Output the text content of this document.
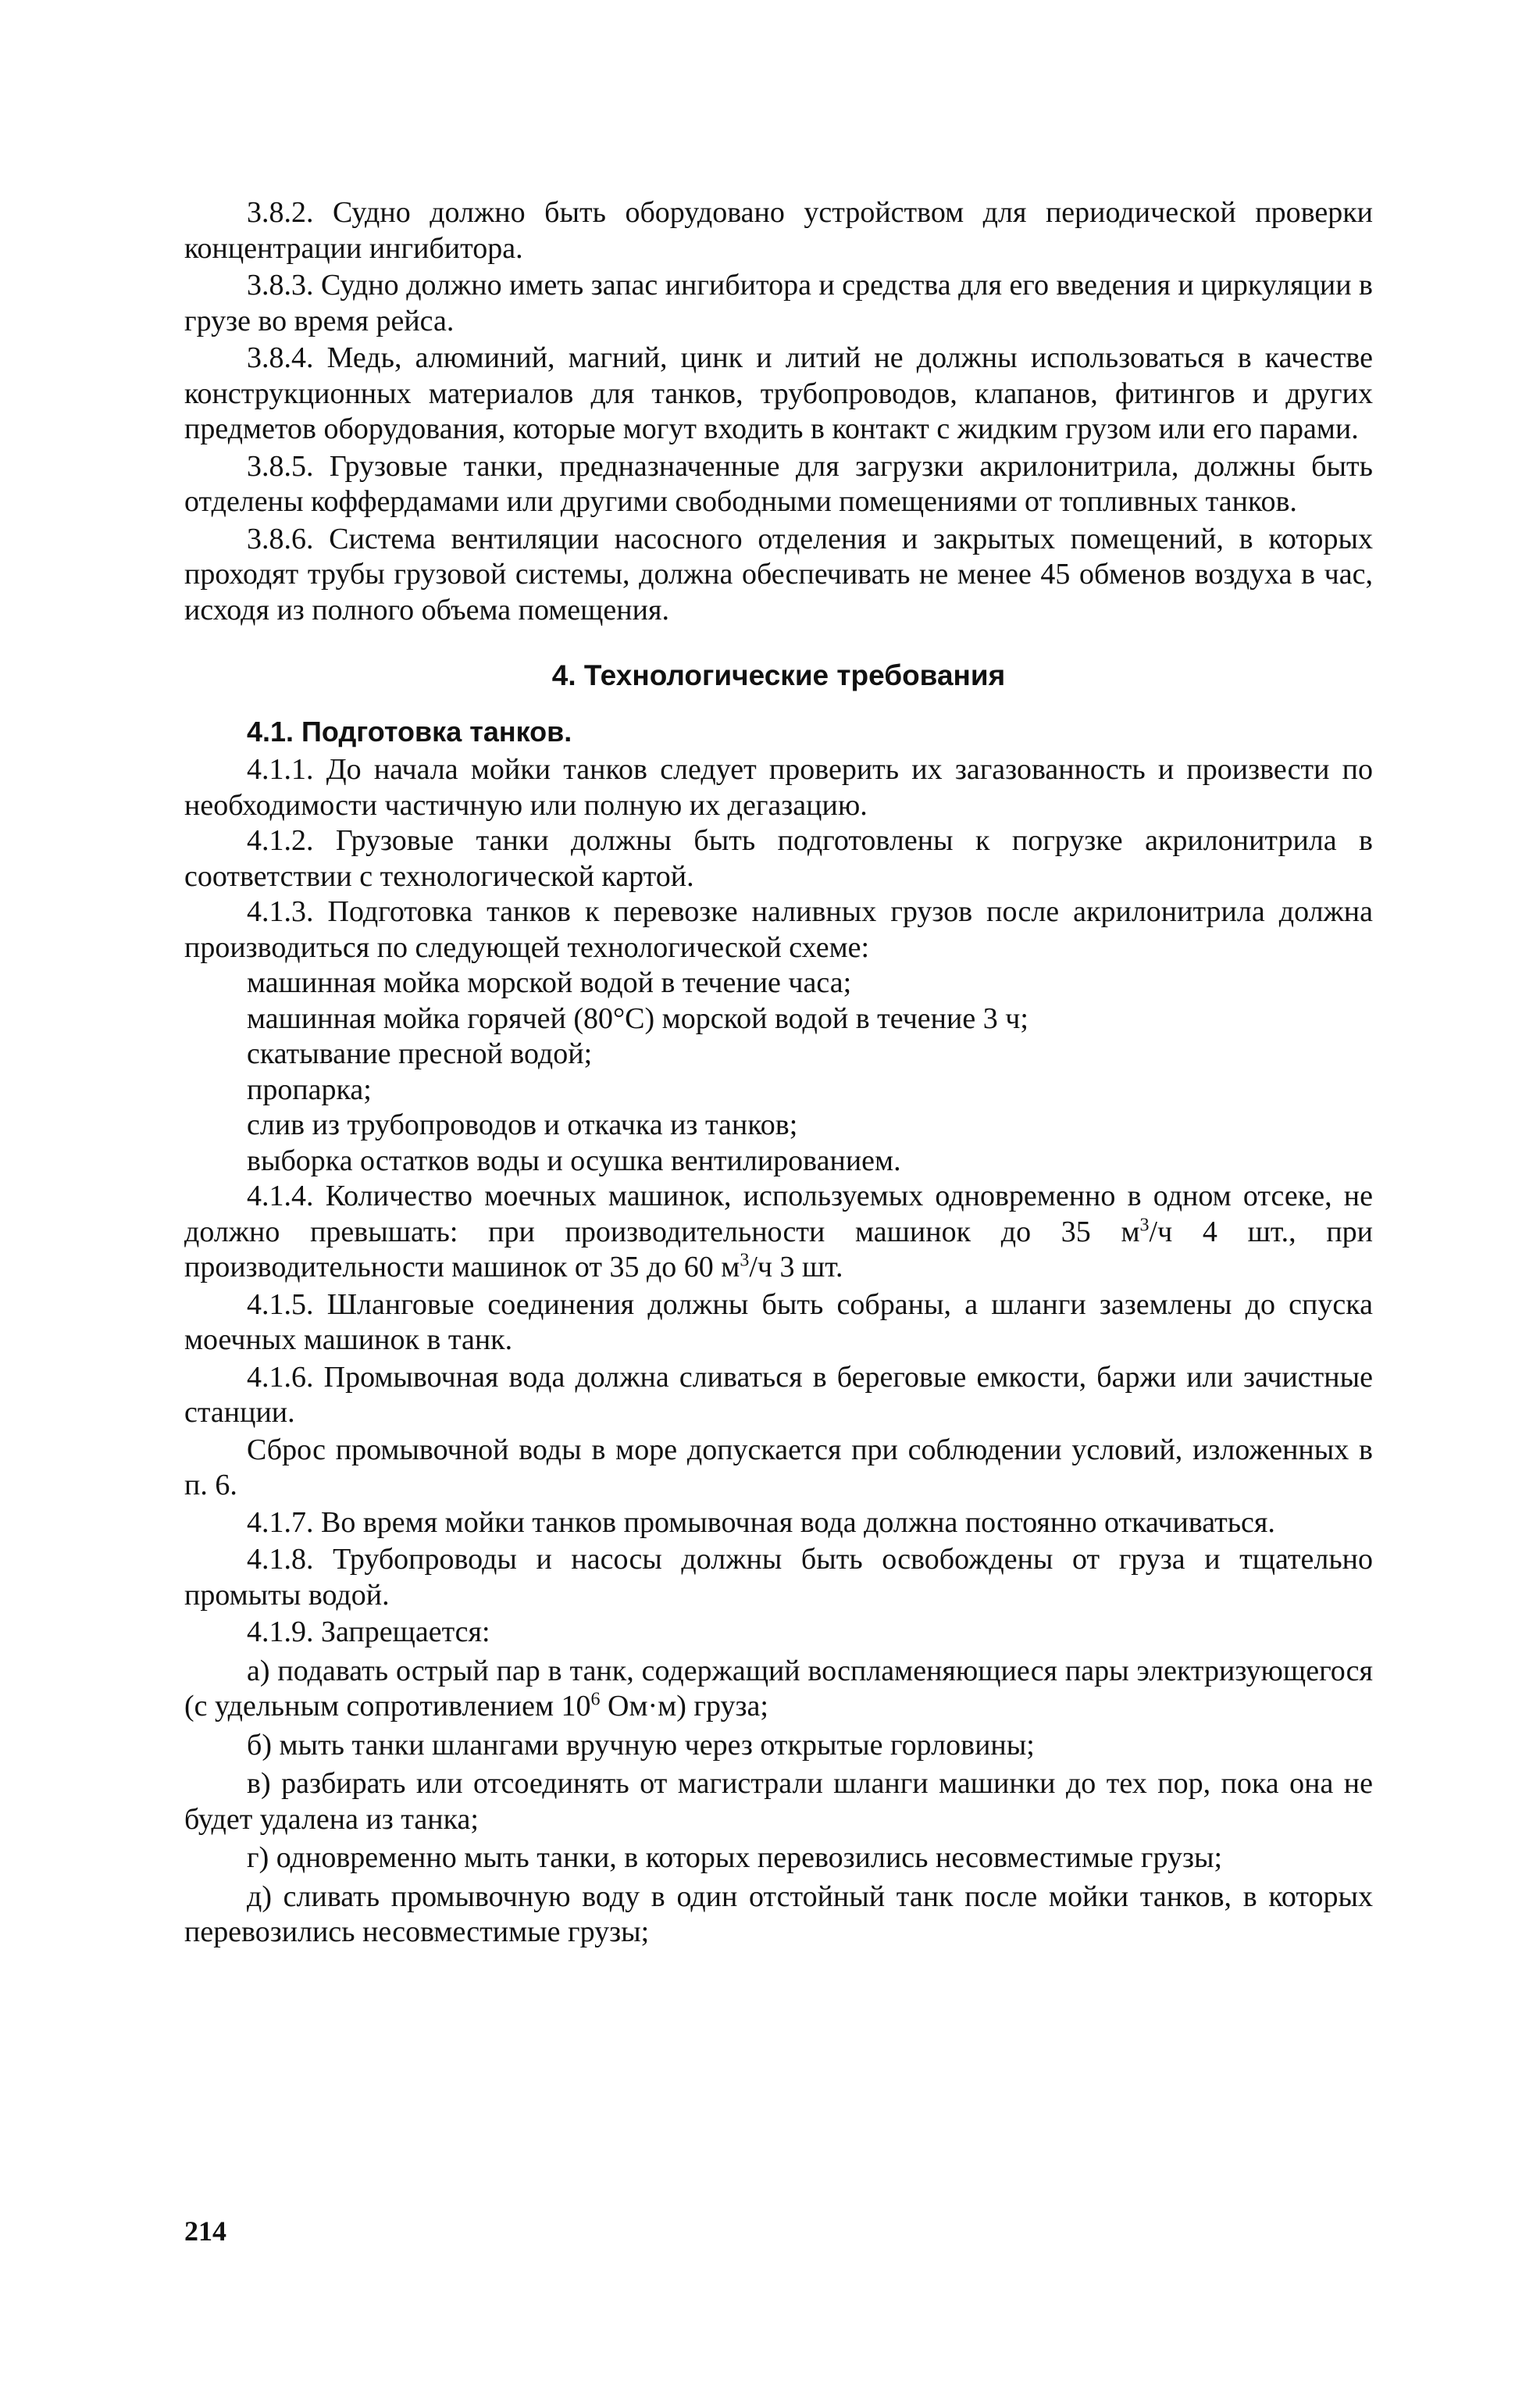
3.8.2. Судно должно быть оборудовано устройством для периодической проверки концентрации ингибитора.

3.8.3. Судно должно иметь запас ингибитора и средства для его введения и циркуляции в грузе во время рейса.

3.8.4. Медь, алюминий, магний, цинк и литий не должны использоваться в качестве конструкционных материалов для танков, трубопроводов, клапанов, фитингов и других предметов оборудования, которые могут входить в контакт с жидким грузом или его парами.

3.8.5. Грузовые танки, предназначенные для загрузки акрилонитрила, должны быть отделены коффердамами или другими свободными помещениями от топливных танков.

3.8.6. Система вентиляции насосного отделения и закрытых помещений, в которых проходят трубы грузовой системы, должна обеспечивать не менее 45 обменов воздуха в час, исходя из полного объема помещения.

4. Технологические требования
4.1. Подготовка танков.

4.1.1. До начала мойки танков следует проверить их загазованность и произвести по необходимости частичную или полную их дегазацию.

4.1.2. Грузовые танки должны быть подготовлены к погрузке акрилонитрила в соответствии с технологической картой.

4.1.3. Подготовка танков к перевозке наливных грузов после акрилонитрила должна производиться по следующей технологической схеме:

машинная мойка морской водой в течение часа;

машинная мойка горячей (80°C) морской водой в течение 3 ч;

скатывание пресной водой;

пропарка;

слив из трубопроводов и откачка из танков;

выборка остатков воды и осушка вентилированием.

4.1.4. Количество моечных машинок, используемых одновременно в одном отсеке, не должно превышать: при производительности машинок до 35 $м^3/ч$ 4 шт., при производительности машинок от 35 до 60 $м^3/ч$ 3 шт.

4.1.5. Шланговые соединения должны быть собраны, а шланги заземлены до спуска моечных машинок в танк.

4.1.6. Промывочная вода должна сливаться в береговые емкости, баржи или зачистные станции.

Сброс промывочной воды в море допускается при соблюдении условий, изложенных в п. 6.

4.1.7. Во время мойки танков промывочная вода должна постоянно откачиваться.

4.1.8. Трубопроводы и насосы должны быть освобождены от груза и тщательно промыты водой.

4.1.9. Запрещается:

а) подавать острый пар в танк, содержащий воспламеняющиеся пары электризующегося (с удельным сопротивлением $10^6$ Ом·м) груза;

б) мыть танки шлангами вручную через открытые горловины;

в) разбирать или отсоединять от магистрали шланги машинки до тех пор, пока она не будет удалена из танка;

г) одновременно мыть танки, в которых перевозились несовместимые грузы;

д) сливать промывочную воду в один отстойный танк после мойки танков, в которых перевозились несовместимые грузы;

214
